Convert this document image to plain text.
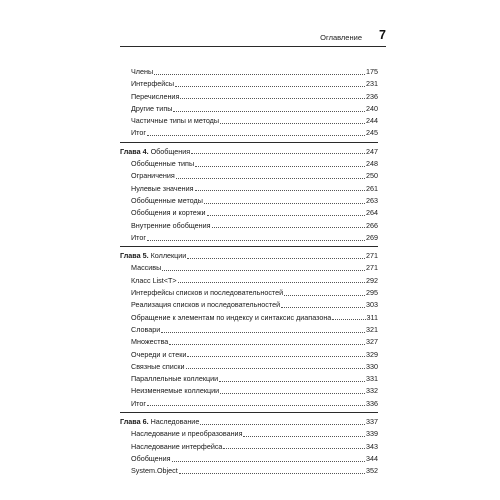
Оглавление 7
Члены	175
Интерфейсы	231
Перечисления	236
Другие типы	240
Частичные типы и методы	244
Итог	245
Глава 4. Обобщения	247
Обобщенные типы	248
Ограничения	250
Нулевые значения	261
Обобщенные методы	263
Обобщения и кортежи	264
Внутренние обобщения	266
Итог	269
Глава 5. Коллекции	271
Массивы	271
Класс List<T>	292
Интерфейсы списков и последовательностей	295
Реализация списков и последовательностей	303
Обращение к элементам по индексу и синтаксис диапазона	311
Словари	321
Множества	327
Очереди и стеки	329
Связные списки	330
Параллельные коллекции	331
Неизменяемые коллекции	332
Итог	336
Глава 6. Наследование	337
Наследование и преобразования	339
Наследование интерфейса	343
Обобщения	344
System.Object	352
